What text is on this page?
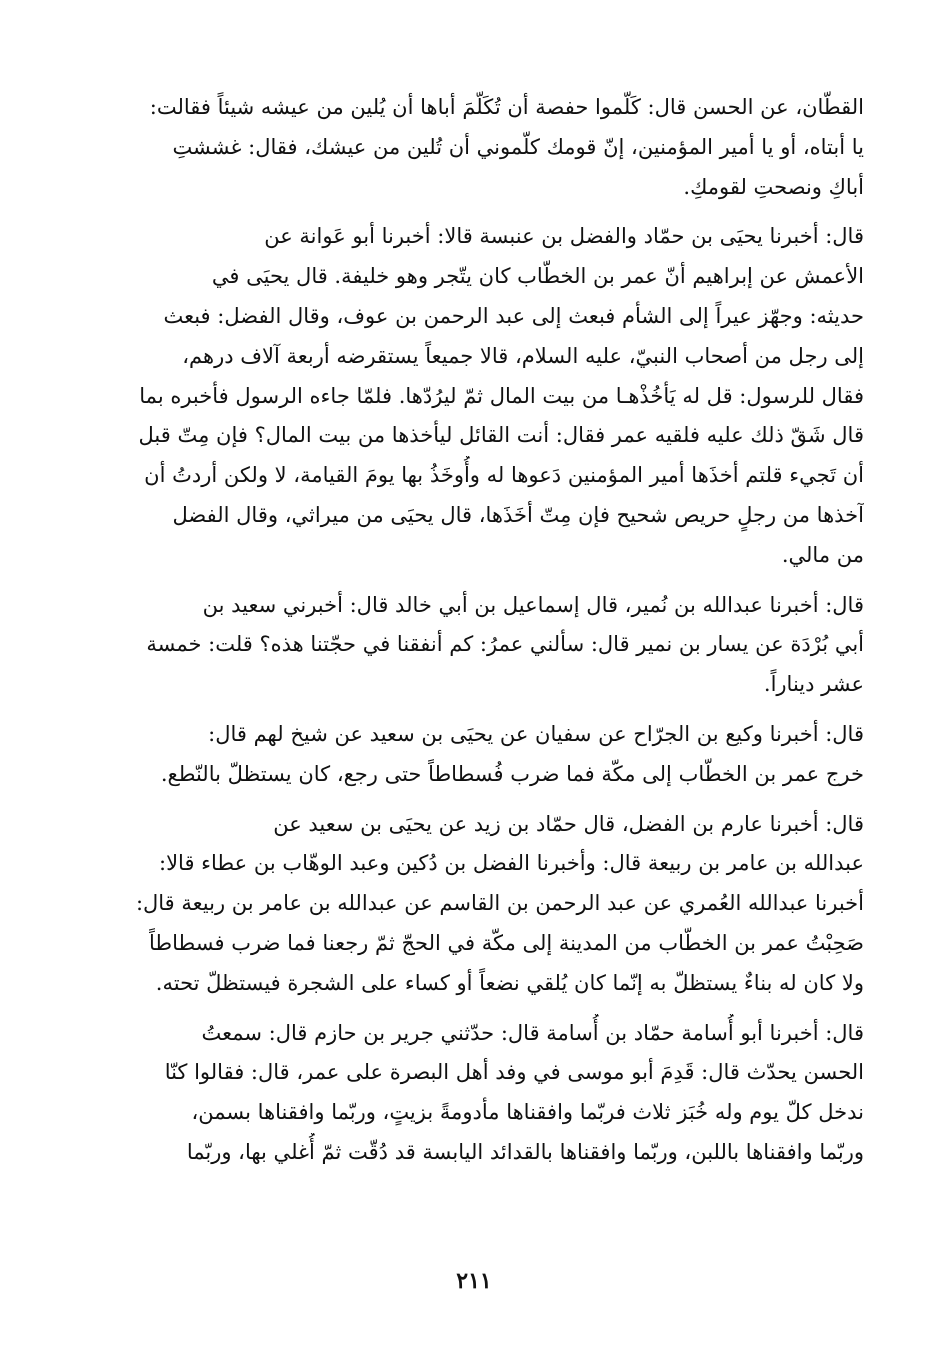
القطّان، عن الحسن قال: كَلّموا حفصة أن تُكَلّمَ أباها أن يُلين من عيشه شيئاً فقالت:
يا أبتاه، أو يا أمير المؤمنين، إنّ قومك كلّموني أن تُلين من عيشك، فقال: غششتِ
أباكِ ونصحتِ لقومكِ.
قال: أخبرنا يحيَى بن حمّاد والفضل بن عنبسة قالا: أخبرنا أبو عَوانة عن
الأعمش عن إبراهيم أنّ عمر بن الخطّاب كان يتّجر وهو خليفة. قال يحيَى في
حديثه: وجهّز عيراً إلى الشأم فبعث إلى عبد الرحمن بن عوف، وقال الفضل: فبعث
إلى رجل من أصحاب النبيّ، عليه السلام، قالا جميعاً يستقرضه أربعة آلاف درهم،
فقال للرسول: قل له يَأخُذْهـا من بيت المال ثمّ ليرُدّها. فلمّا جاءه الرسول فأخبره بما
قال شَقّ ذلك عليه فلقيه عمر فقال: أنت القائل ليأخذها من بيت المال؟ فإن مِتّ قبل
أن تَجيء قلتم أخذَها أمير المؤمنين دَعوها له وأُوخَذُ بها يومَ القيامة، لا ولكن أردتُ أن
آخذها من رجلٍ حريص شحيح فإن مِتّ أخَذَها، قال يحيَى من ميراثي، وقال الفضل
من مالي.
قال: أخبرنا عبدالله بن نُمير، قال إسماعيل بن أبي خالد قال: أخبرني سعيد بن
أبي بُرْدَة عن يسار بن نمير قال: سألني عمرُ: كم أنفقنا في حجّتنا هذه؟ قلت: خمسة
عشر ديناراً.
قال: أخبرنا وكيع بن الجرّاح عن سفيان عن يحيَى بن سعيد عن شيخ لهم قال:
خرج عمر بن الخطّاب إلى مكّة فما ضرب فُسطاطاً حتى رجع، كان يستظلّ بالنّطع.
قال: أخبرنا عارم بن الفضل، قال حمّاد بن زيد عن يحيَى بن سعيد عن
عبدالله بن عامر بن ربيعة قال: وأخبرنا الفضل بن دُكين وعبد الوهّاب بن عطاء قالا:
أخبرنا عبدالله العُمري عن عبد الرحمن بن القاسم عن عبدالله بن عامر بن ربيعة قال:
صَحِبْتُ عمر بن الخطّاب من المدينة إلى مكّة في الحجّ ثمّ رجعنا فما ضرب فسطاطاً
ولا كان له بناءٌ يستظلّ به إنّما كان يُلقي نضعاً أو كساء على الشجرة فيستظلّ تحته.
قال: أخبرنا أبو أُسامة حمّاد بن أُسامة قال: حدّثني جرير بن حازم قال: سمعتُ
الحسن يحدّث قال: قَدِمَ أبو موسى في وفد أهل البصرة على عمر، قال: فقالوا كنّا
ندخل كلّ يوم وله خُبَز ثلاث فربّما وافقناها مأدومةً بزيتٍ، وربّما وافقناها بسمن،
وربّما وافقناها باللبن، وربّما وافقناها بالقدائد اليابسة قد دُقّت ثمّ أُغلي بها، وربّما
٢١١
